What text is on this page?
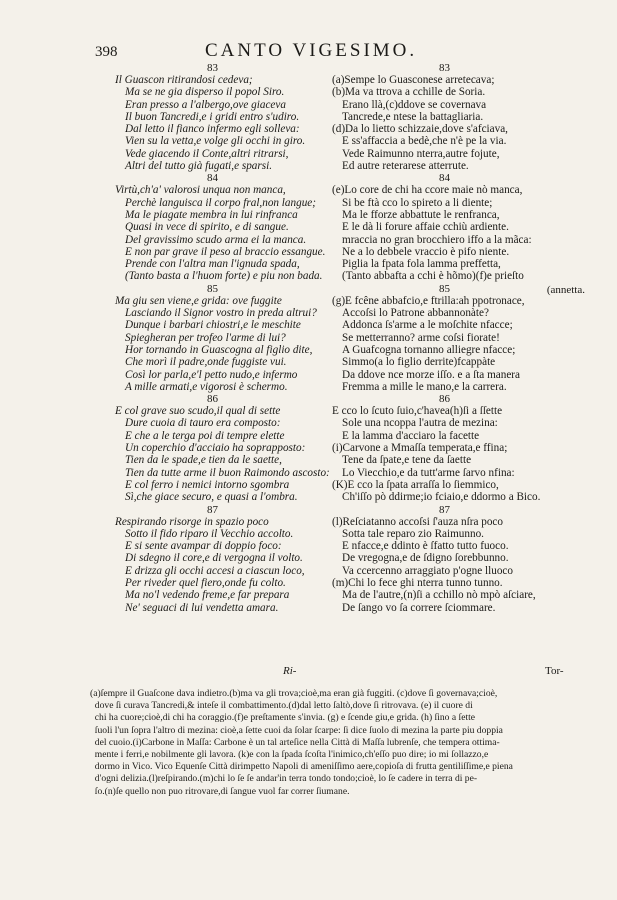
398	CANTO VIGESIMO.
83
Il Guascon ritirandosi cedeva;
Ma se ne gia disperso il popol Siro.
Eran presso a l'albergo,ove giaceva
Il buon Tancredi,e i gridi entro s'udiro.
Dal letto il fianco infermo egli solleva:
Vien su la vetta,e volge gli occhi in giro.
Vede giacendo il Conte,altri ritrarsi,
Altri del tutto già fugati,e sparsi.
84
Virtù,ch'a' valorosi unqua non manca,
Perchè languisca il corpo fral,non langue;
Ma le piagate membra in lui rinfranca
Quasi in vece di spirito, e di sangue.
Del gravissimo scudo arma ei la manca.
E non par grave il peso al braccio essangue.
Prende con l'altra man l'ignuda spada,
(Tanto basta a l'huom forte) e piu non bada.
85
Ma giu sen viene,e grida: ove fuggite
Lasciando il Signor vostro in preda altrui?
Dunque i barbari chiostri,e le meschite
Spiegheran per trofeo l'arme di lui?
Hor tornando in Guascogna al figlio dite,
Che morì il padre,onde fuggiste vui.
Così lor parla,e'l petto nudo,e infermo
A mille armati,e vigorosi è schermo.
86
E col grave suo scudo,il qual di sette
Dure cuoia di tauro era composto:
E che a le terga poi di tempre elette
Un coperchio d'acciaio ha soprapposto:
Tien da le spade,e tien da le saette,
Tien da tutte arme il buon Raimondo ascosto:
E col ferro i nemici intorno sgombra
Sì,che giace securo, e quasi a l'ombra.
87
Respirando risorge in spazio poco
Sotto il fido riparo il Vecchio accolto.
E si sente avampar di doppio foco:
Di sdegno il core,e di vergogna il volto.
E drizza gli occhi accesi a ciascun loco,
Per riveder quel fiero,onde fu colto.
Ma no'l vedendo freme,e far prepara
Ne' seguaci di lui vendetta amara.
83
(a)Sempe lo Guasconese arretecava;
(b)Ma va ttrova a cchille de Soria.
Erano llà,(c)ddove se covernava
Tancrede,e ntese la battagliaria.
(d)Da lo lietto schizzaie,dove s'afciava,
E ss'affaccia a bedè,che n'è pe la via.
Vede Raimunno nterra,autre fojute,
Ed autre reterarese atterrute.
84
(e)Lo core de chi ha ccore maie nò manca,
Si be ftà cco lo spireto a li diente;
Ma le fforze abbattute le renfranca,
E le dà li forure affaie cchiù ardiente.
mraccia no gran brocchiero iffo a la mãca:
Ne a lo debbele vraccio è pifo niente.
Piglia la fpata fola lamma preffetta,
(Tanto abbafta a cchi è hõmo)(f)e prieſto
85	(annetta.
(g)E fcêne abbafcio,e ftrilla:ah ppotronace,
Accoſsi lo Patrone abbannonàte?
Addonca ſs'arme a le moſchite nfacce;
Se metterranno? arme coſsi fiorate!
A Guafcogna tornanno alliegre nfacce;
Simmo(a lo figlio derrite)fcappàte
Da ddove nce morze iſſo. e a ſta manera
Fremma a mille le mano,e la carrera.
86
E cco lo ſcuto ſuio,c'havea(h)ſi a ſſette
Sole una ncoppa l'autra de mezina:
E la lamma d'acciaro la facette
(i)Carvone a Mmaſſa temperata,e ffina;
Tene da ſpate,e tene da ſaette
Lo Viecchio,e da tutt'arme ſarvo nfina:
(K)E cco la ſpata arraſſa lo ſiemmico,
Ch'iſſo pò ddirme;io fciaio,e ddormo a Bico.
87
(l)Reſciatanno accoſsi ſ'auza nſra poco
Sotta tale reparo zio Raimunno.
E nfacce,e ddinto è ſfatto tutto fuoco.
De vregogna,e de ſdigno ſorebbunno.
Va ccercenno arraggiato p'ogne lluoco
(m)Chi lo fece ghi nterra tunno tunno.
Ma de l'autre,(n)ſi a cchillo nò mpò aſciare,
De ſango vo ſa correre ſciommare.
Ri-	Tor-
(a)ſempre il Guaſcone dava indietro.(b)ma va gli trova;cioè,ma eran già fuggiti. (c)dove ſi governava;cioè,
dove ſi curava Tancredi,& inteſe il combattimento.(d)dal letto ſaltò,dove ſi ritrovava. (e) il cuore di
chi ha cuore;cioè,di chi ha coraggio.(f)e preſtamente s'invia. (g) e ſcende giu,e grida. (h) ſino a ſette
ſuoli l'un ſopra l'altro di mezina: cioè,a ſette cuoi da ſolar ſcarpe: ſi dice ſuolo di mezina la parte piu doppia
del cuoio.(i)Carbone in Maſſa: Carbone è un tal arteſice nella Città di Maſſa lubrenſe, che tempera ottima-
mente i ferri,e nobilmente gli lavora. (k)e con la ſpada ſcoſta l'inimico,ch'eſſo puo dire; io mi ſollazzo,e
dormo in Vico. Vico Equenſe Città dirimpetto Napoli di ameniſſimo aere,copioſa di frutta gentiliſſime,e piena
d'ogni delizia.(l)reſpirando.(m)chi lo ſe ſe andar'in terra tondo tondo;cioè, lo ſe cadere in terra di pe-
ſo.(n)ſe quello non puo ritrovare,di ſangue vuol far correr ſiumane.
